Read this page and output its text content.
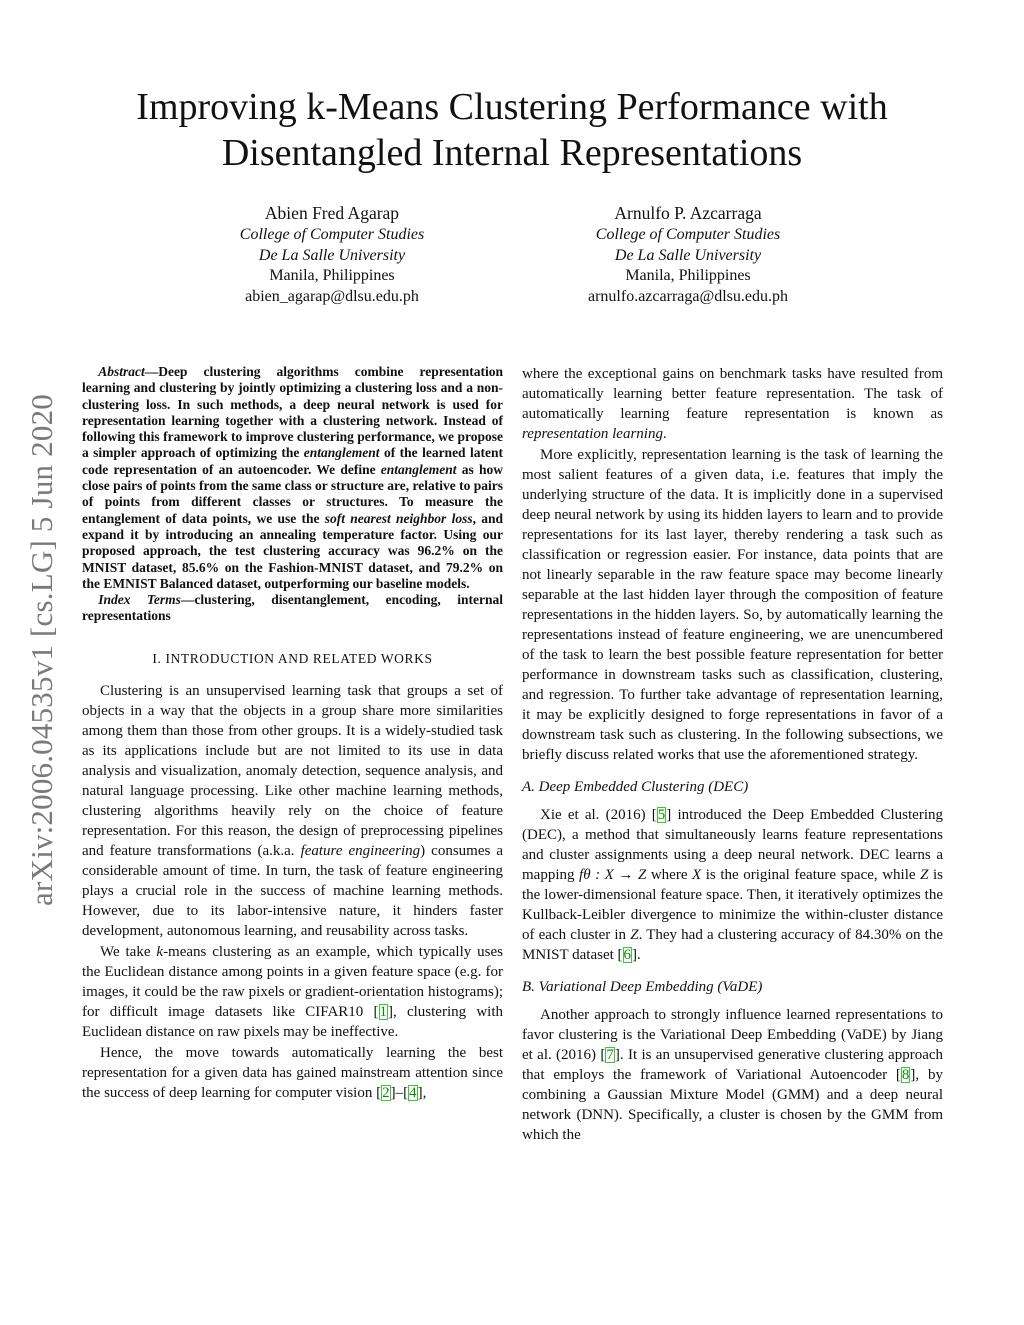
arXiv:2006.04535v1 [cs.LG] 5 Jun 2020
Improving k-Means Clustering Performance with Disentangled Internal Representations
Abien Fred Agarap
College of Computer Studies
De La Salle University
Manila, Philippines
abien_agarap@dlsu.edu.ph
Arnulfo P. Azcarraga
College of Computer Studies
De La Salle University
Manila, Philippines
arnulfo.azcarraga@dlsu.edu.ph

Abstract—Deep clustering algorithms combine representation learning and clustering by jointly optimizing a clustering loss and a non-clustering loss. In such methods, a deep neural network is used for representation learning together with a clustering network. Instead of following this framework to improve clustering performance, we propose a simpler approach of optimizing the entanglement of the learned latent code representation of an autoencoder. We define entanglement as how close pairs of points from the same class or structure are, relative to pairs of points from different classes or structures. To measure the entanglement of data points, we use the soft nearest neighbor loss, and expand it by introducing an annealing temperature factor. Using our proposed approach, the test clustering accuracy was 96.2% on the MNIST dataset, 85.6% on the Fashion-MNIST dataset, and 79.2% on the EMNIST Balanced dataset, outperforming our baseline models.

Index Terms—clustering, disentanglement, encoding, internal representations

I. INTRODUCTION AND RELATED WORKS

Clustering is an unsupervised learning task that groups a set of objects in a way that the objects in a group share more similarities among them than those from other groups. It is a widely-studied task as its applications include but are not limited to its use in data analysis and visualization, anomaly detection, sequence analysis, and natural language processing. Like other machine learning methods, clustering algorithms heavily rely on the choice of feature representation. For this reason, the design of preprocessing pipelines and feature transformations (a.k.a. feature engineering) consumes a considerable amount of time. In turn, the task of feature engineering plays a crucial role in the success of machine learning methods. However, due to its labor-intensive nature, it hinders faster development, autonomous learning, and reusability across tasks.

We take k-means clustering as an example, which typically uses the Euclidean distance among points in a given feature space (e.g. for images, it could be the raw pixels or gradient-orientation histograms); for difficult image datasets like CIFAR10 [1], clustering with Euclidean distance on raw pixels may be ineffective.

Hence, the move towards automatically learning the best representation for a given data has gained mainstream attention since the success of deep learning for computer vision [2]–[4],

where the exceptional gains on benchmark tasks have resulted from automatically learning better feature representation. The task of automatically learning feature representation is known as representation learning.

More explicitly, representation learning is the task of learning the most salient features of a given data, i.e. features that imply the underlying structure of the data. It is implicitly done in a supervised deep neural network by using its hidden layers to learn and to provide representations for its last layer, thereby rendering a task such as classification or regression easier. For instance, data points that are not linearly separable in the raw feature space may become linearly separable at the last hidden layer through the composition of feature representations in the hidden layers. So, by automatically learning the representations instead of feature engineering, we are unencumbered of the task to learn the best possible feature representation for better performance in downstream tasks such as classification, clustering, and regression. To further take advantage of representation learning, it may be explicitly designed to forge representations in favor of a downstream task such as clustering. In the following subsections, we briefly discuss related works that use the aforementioned strategy.

A. Deep Embedded Clustering (DEC)

Xie et al. (2016) [5] introduced the Deep Embedded Clustering (DEC), a method that simultaneously learns feature representations and cluster assignments using a deep neural network. DEC learns a mapping fθ : X → Z where X is the original feature space, while Z is the lower-dimensional feature space. Then, it iteratively optimizes the Kullback-Leibler divergence to minimize the within-cluster distance of each cluster in Z. They had a clustering accuracy of 84.30% on the MNIST dataset [6].

B. Variational Deep Embedding (VaDE)

Another approach to strongly influence learned representations to favor clustering is the Variational Deep Embedding (VaDE) by Jiang et al. (2016) [7]. It is an unsupervised generative clustering approach that employs the framework of Variational Autoencoder [8], by combining a Gaussian Mixture Model (GMM) and a deep neural network (DNN). Specifically, a cluster is chosen by the GMM from which the
